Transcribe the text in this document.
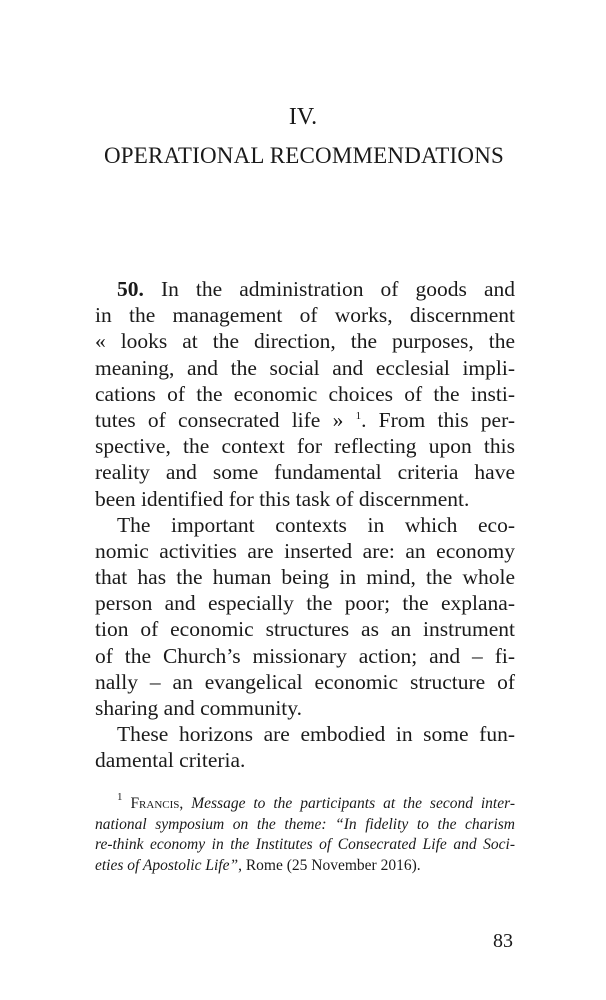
IV.
OPERATIONAL RECOMMENDATIONS
50. In the administration of goods and
in the management of works, discernment
« looks at the direction, the purposes, the
meaning, and the social and ecclesial impli-
cations of the economic choices of the insti-
tutes of consecrated life » $^1$. From this per-
spective, the context for reflecting upon this
reality and some fundamental criteria have
been identified for this task of discernment.
The important contexts in which eco-
nomic activities are inserted are: an economy
that has the human being in mind, the whole
person and especially the poor; the explana-
tion of economic structures as an instrument
of the Church’s missionary action; and – fi-
nally – an evangelical economic structure of
sharing and community.
These horizons are embodied in some fun-
damental criteria.
$^1$ Francis, Message to the participants at the second inter-
national symposium on the theme: “In fidelity to the charism
re-think economy in the Institutes of Consecrated Life and Soci-
eties of Apostolic Life”, Rome (25 November 2016).
83
